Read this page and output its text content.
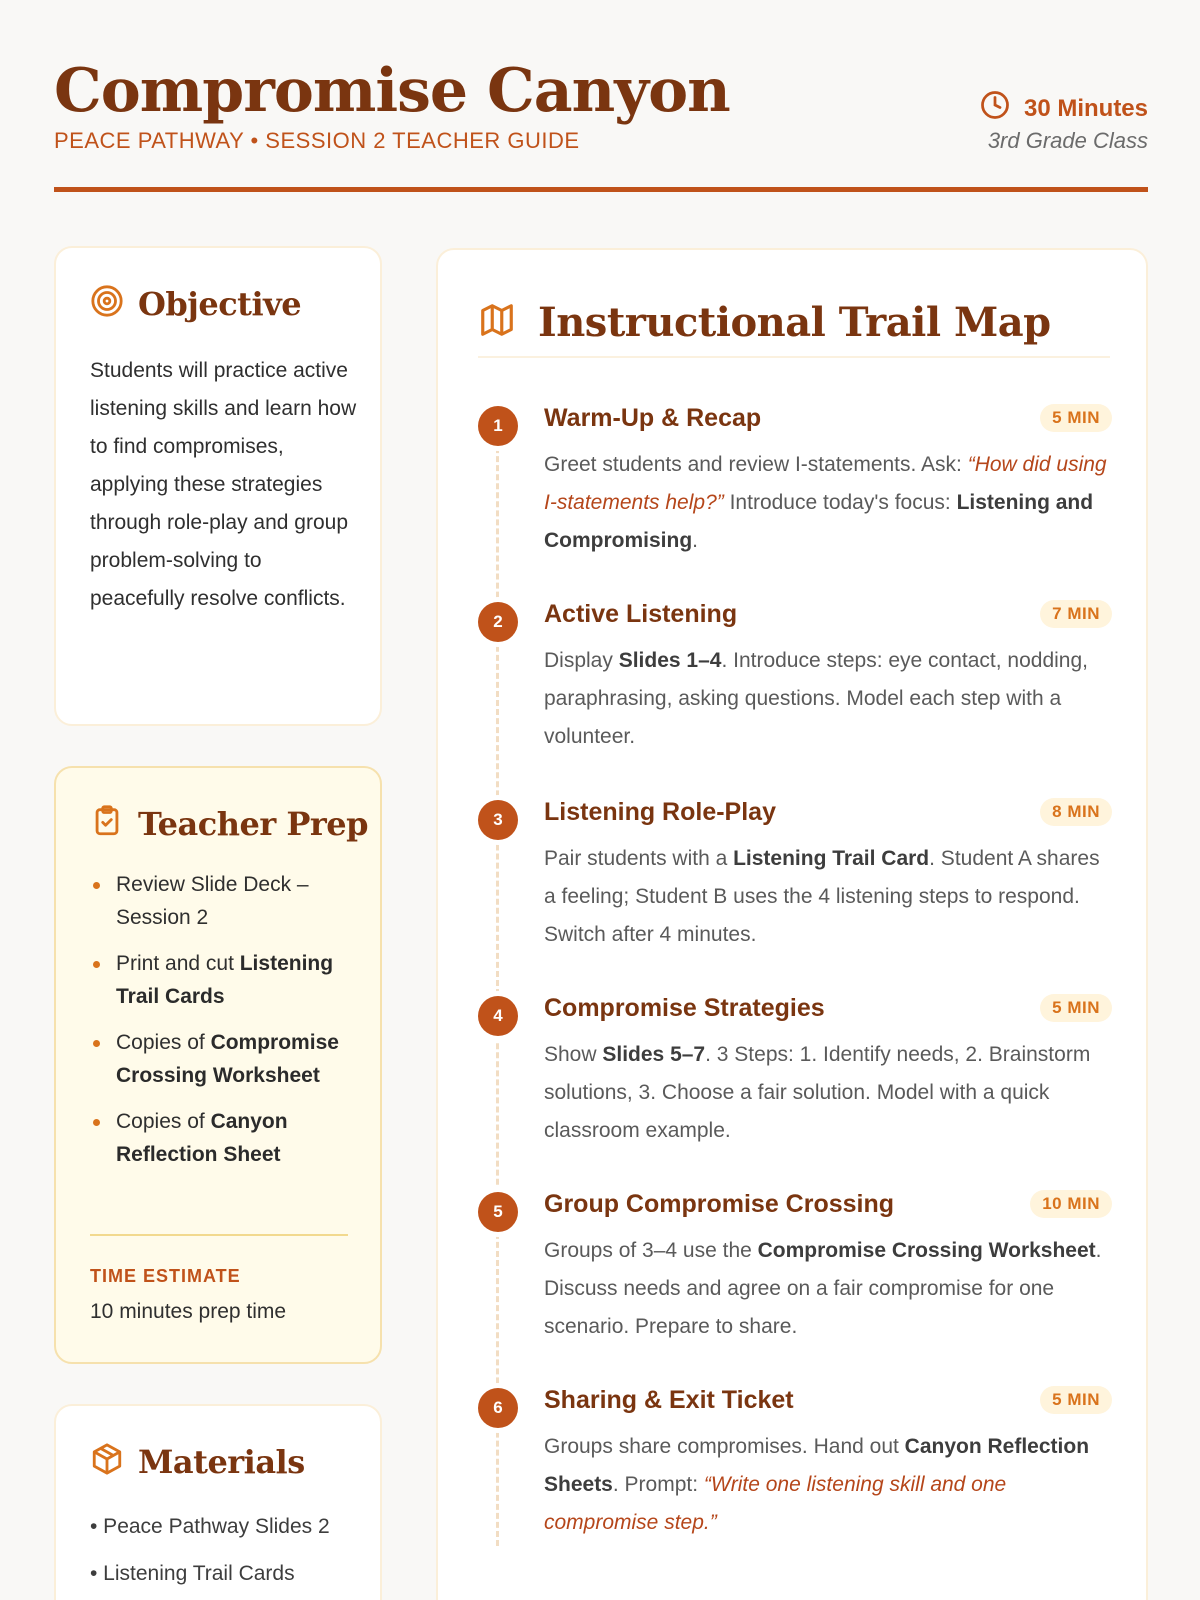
Compromise Canyon
PEACE PATHWAY • SESSION 2 TEACHER GUIDE
30 Minutes
3rd Grade Class
Objective
Students will practice active listening skills and learn how to find compromises, applying these strategies through role-play and group problem-solving to peacefully resolve conflicts.
Teacher Prep
Review Slide Deck – Session 2
Print and cut Listening Trail Cards
Copies of Compromise Crossing Worksheet
Copies of Canyon Reflection Sheet
TIME ESTIMATE
10 minutes prep time
Materials
• Peace Pathway Slides 2
• Listening Trail Cards
Instructional Trail Map
1	Warm-Up & Recap	5 MIN
Greet students and review I-statements. Ask: “How did using I-statements help?” Introduce today's focus: Listening and Compromising.
2	Active Listening	7 MIN
Display Slides 1–4. Introduce steps: eye contact, nodding, paraphrasing, asking questions. Model each step with a volunteer.
3	Listening Role-Play	8 MIN
Pair students with a Listening Trail Card. Student A shares a feeling; Student B uses the 4 listening steps to respond. Switch after 4 minutes.
4	Compromise Strategies	5 MIN
Show Slides 5–7. 3 Steps: 1. Identify needs, 2. Brainstorm solutions, 3. Choose a fair solution. Model with a quick classroom example.
5	Group Compromise Crossing	10 MIN
Groups of 3–4 use the Compromise Crossing Worksheet. Discuss needs and agree on a fair compromise for one scenario. Prepare to share.
6	Sharing & Exit Ticket	5 MIN
Groups share compromises. Hand out Canyon Reflection Sheets. Prompt: “Write one listening skill and one compromise step.”
